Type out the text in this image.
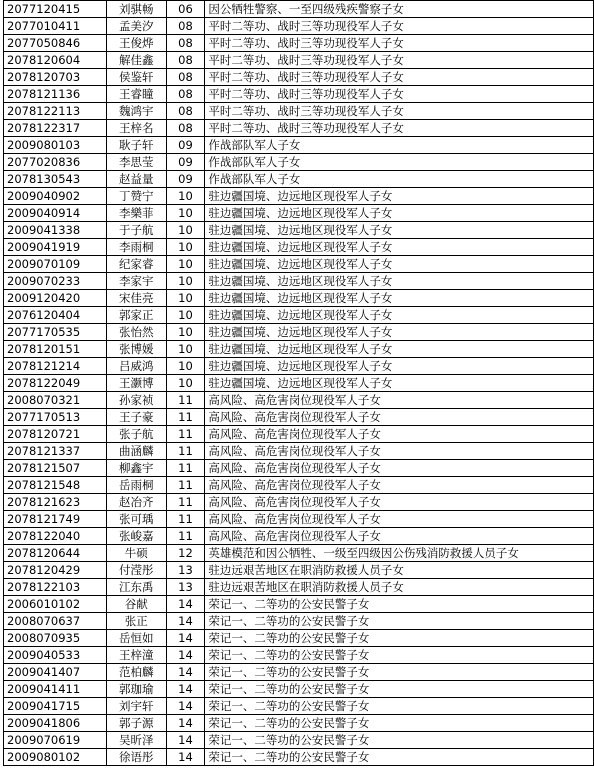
2077120415	刘骐畅	06	因公牺牲警察、一至四级残疾警察子女
2077010411	孟美汐	08	平时二等功、战时三等功现役军人子女
2077050846	王俊烨	08	平时二等功、战时三等功现役军人子女
2078120604	解佳鑫	08	平时二等功、战时三等功现役军人子女
2078120703	侯鉴轩	08	平时二等功、战时三等功现役军人子女
2078121136	王睿瞳	08	平时二等功、战时三等功现役军人子女
2078122113	魏鸿宇	08	平时二等功、战时三等功现役军人子女
2078122317	王梓名	08	平时二等功、战时三等功现役军人子女
2009080103	耿子轩	09	作战部队军人子女
2077020836	李思莹	09	作战部队军人子女
2078130543	赵益量	09	作战部队军人子女
2009040902	丁赞宁	10	驻边疆国境、边远地区现役军人子女
2009040914	李樂菲	10	驻边疆国境、边远地区现役军人子女
2009041338	于子航	10	驻边疆国境、边远地区现役军人子女
2009041919	李雨桐	10	驻边疆国境、边远地区现役军人子女
2009070109	纪家睿	10	驻边疆国境、边远地区现役军人子女
2009070233	李家宇	10	驻边疆国境、边远地区现役军人子女
2009120420	宋佳亮	10	驻边疆国境、边远地区现役军人子女
2076120404	郭家正	10	驻边疆国境、边远地区现役军人子女
2077170535	张怡然	10	驻边疆国境、边远地区现役军人子女
2078120151	张博媛	10	驻边疆国境、边远地区现役军人子女
2078121214	吕威鸿	10	驻边疆国境、边远地区现役军人子女
2078122049	王灏博	10	驻边疆国境、边远地区现役军人子女
2008070321	孙家祯	11	高风险、高危害岗位现役军人子女
2077170513	王子豪	11	高风险、高危害岗位现役军人子女
2078120721	张子航	11	高风险、高危害岗位现役军人子女
2078121337	曲涵麟	11	高风险、高危害岗位现役军人子女
2078121507	柳鑫宇	11	高风险、高危害岗位现役军人子女
2078121548	岳雨桐	11	高风险、高危害岗位现役军人子女
2078121623	赵冶齐	11	高风险、高危害岗位现役军人子女
2078121749	张可瑀	11	高风险、高危害岗位现役军人子女
2078122040	张峻嘉	11	高风险、高危害岗位现役军人子女
2078120644	牛硕	12	英雄模范和因公牺牲、一级至四级因公伤残消防救援人员子女
2078120429	付滢彤	13	驻边远艰苦地区在职消防救援人员子女
2078122103	江东禹	13	驻边远艰苦地区在职消防救援人员子女
2006010102	谷献	14	荣记一、二等功的公安民警子女
2008070637	张正	14	荣记一、二等功的公安民警子女
2008070935	岳恒如	14	荣记一、二等功的公安民警子女
2009040533	王梓潼	14	荣记一、二等功的公安民警子女
2009041407	范柏麟	14	荣记一、二等功的公安民警子女
2009041411	郭珈瑜	14	荣记一、二等功的公安民警子女
2009041715	刘宇轩	14	荣记一、二等功的公安民警子女
2009041806	郭子源	14	荣记一、二等功的公安民警子女
2009070619	吴昕泽	14	荣记一、二等功的公安民警子女
2009080102	徐语彤	14	荣记一、二等功的公安民警子女
